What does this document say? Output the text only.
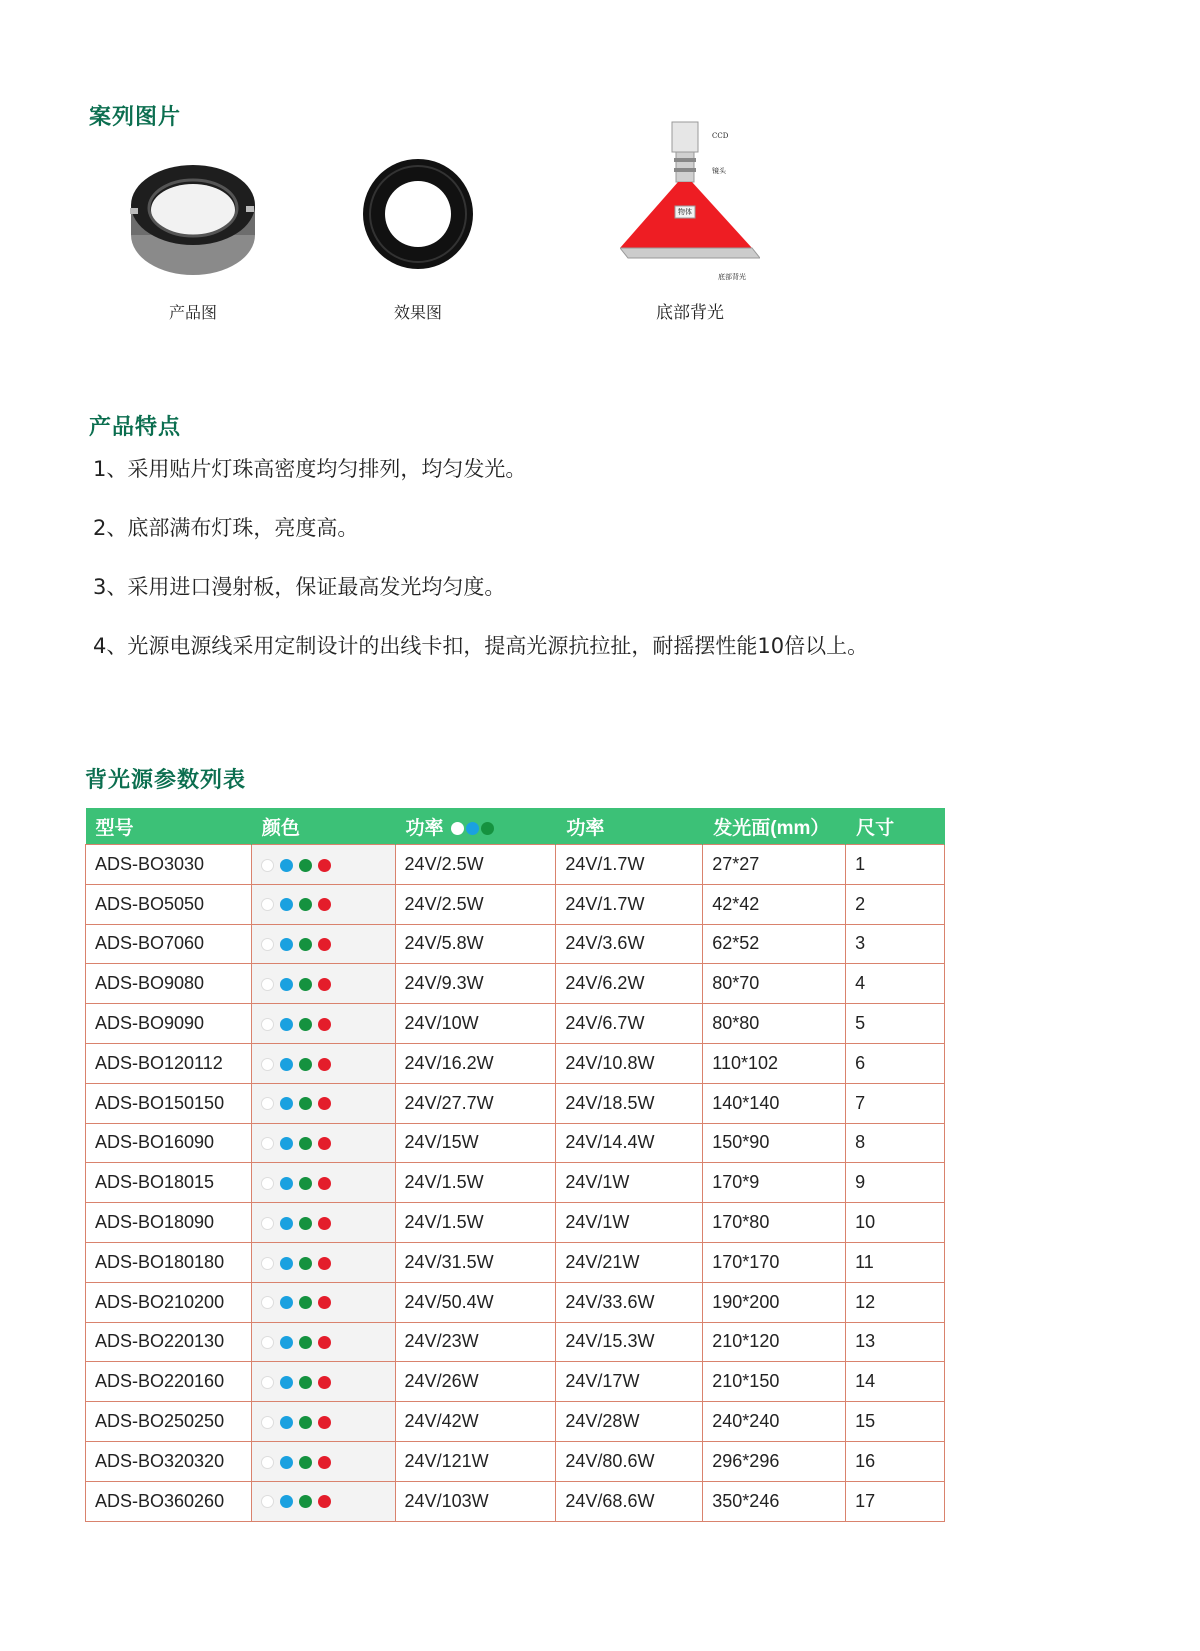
案列图片
产品图	效果图
CCD
镜头
物体
底部背光
底部背光
产品特点
1、采用贴片灯珠高密度均匀排列，均匀发光。
2、底部满布灯珠，亮度高。
3、采用进口漫射板，保证最高发光均匀度。
4、光源电源线采用定制设计的出线卡扣，提高光源抗拉扯，耐摇摆性能10倍以上。
背光源参数列表
型号	颜色	功率	功率	发光面(mm）	尺寸
ADS-BO3030		24V/2.5W	24V/1.7W	27*27	1
ADS-BO5050		24V/2.5W	24V/1.7W	42*42	2
ADS-BO7060		24V/5.8W	24V/3.6W	62*52	3
ADS-BO9080		24V/9.3W	24V/6.2W	80*70	4
ADS-BO9090		24V/10W	24V/6.7W	80*80	5
ADS-BO120112		24V/16.2W	24V/10.8W	110*102	6
ADS-BO150150		24V/27.7W	24V/18.5W	140*140	7
ADS-BO16090		24V/15W	24V/14.4W	150*90	8
ADS-BO18015		24V/1.5W	24V/1W	170*9	9
ADS-BO18090		24V/1.5W	24V/1W	170*80	10
ADS-BO180180		24V/31.5W	24V/21W	170*170	11
ADS-BO210200		24V/50.4W	24V/33.6W	190*200	12
ADS-BO220130		24V/23W	24V/15.3W	210*120	13
ADS-BO220160		24V/26W	24V/17W	210*150	14
ADS-BO250250		24V/42W	24V/28W	240*240	15
ADS-BO320320		24V/121W	24V/80.6W	296*296	16
ADS-BO360260		24V/103W	24V/68.6W	350*246	17
